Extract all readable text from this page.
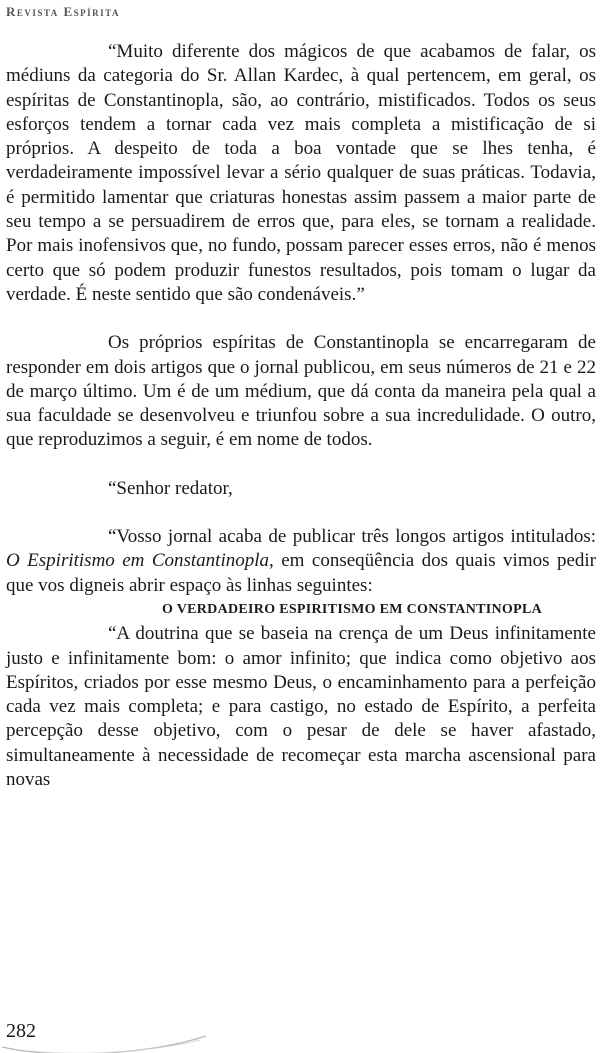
Revista Espírita

“Muito diferente dos mágicos de que acabamos de falar, os médiuns da categoria do Sr. Allan Kardec, à qual pertencem, em geral, os espíritas de Constantinopla, são, ao contrário, mistificados. Todos os seus esforços tendem a tornar cada vez mais completa a mistificação de si próprios. A despeito de toda a boa vontade que se lhes tenha, é verdadeiramente impossível levar a sério qualquer de suas práticas. Todavia, é permitido lamentar que criaturas honestas assim passem a maior parte de seu tempo a se persuadirem de erros que, para eles, se tornam a realidade. Por mais inofensivos que, no fundo, possam parecer esses erros, não é menos certo que só podem produzir funestos resultados, pois tomam o lugar da verdade. É neste sentido que são condenáveis.”

Os próprios espíritas de Constantinopla se encarregaram de responder em dois artigos que o jornal publicou, em seus números de 21 e 22 de março último. Um é de um médium, que dá conta da maneira pela qual a sua faculdade se desenvolveu e triunfou sobre a sua incredulidade. O outro, que reproduzimos a seguir, é em nome de todos.

“Senhor redator,

“Vosso jornal acaba de publicar três longos artigos intitulados: O Espiritismo em Constantinopla, em conseqüência dos quais vimos pedir que vos digneis abrir espaço às linhas seguintes:

O VERDADEIRO ESPIRITISMO EM CONSTANTINOPLA

“A doutrina que se baseia na crença de um Deus infinitamente justo e infinitamente bom: o amor infinito; que indica como objetivo aos Espíritos, criados por esse mesmo Deus, o encaminhamento para a perfeição cada vez mais completa; e para castigo, no estado de Espírito, a perfeita percepção desse objetivo, com o pesar de dele se haver afastado, simultaneamente à necessidade de recomeçar esta marcha ascensional para novas

282
